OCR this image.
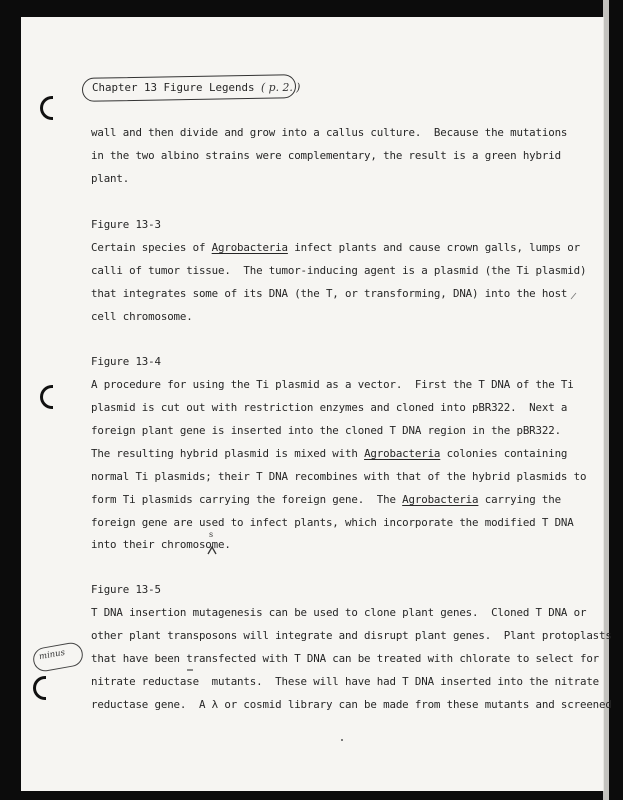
Chapter 13 Figure Legends ( p. 2. )
wall and then divide and grow into a callus culture.  Because the mutations
in the two albino strains were complementary, the result is a green hybrid
plant.
Figure 13-3
Certain species of Agrobacteria infect plants and cause crown galls, lumps or
calli of tumor tissue.  The tumor-inducing agent is a plasmid (the Ti plasmid)
that integrates some of its DNA (the T, or transforming, DNA) into the host
cell chromosome.
Figure 13-4
A procedure for using the Ti plasmid as a vector.  First the T DNA of the Ti
plasmid is cut out with restriction enzymes and cloned into pBR322.  Next a
foreign plant gene is inserted into the cloned T DNA region in the pBR322.
The resulting hybrid plasmid is mixed with Agrobacteria colonies containing
normal Ti plasmids; their T DNA recombines with that of the hybrid plasmids to
form Ti plasmids carrying the foreign gene.  The Agrobacteria carrying the
foreign gene are used to infect plants, which incorporate the modified T DNA
into their chromosome.
s
Figure 13-5
T DNA insertion mutagenesis can be used to clone plant genes.  Cloned T DNA or
other plant transposons will integrate and disrupt plant genes.  Plant protoplasts
that have been transfected with T DNA can be treated with chlorate to select for
nitrate reductase  mutants.  These will have had T DNA inserted into the nitrate
reductase gene.  A λ or cosmid library can be made from these mutants and screened
minus
